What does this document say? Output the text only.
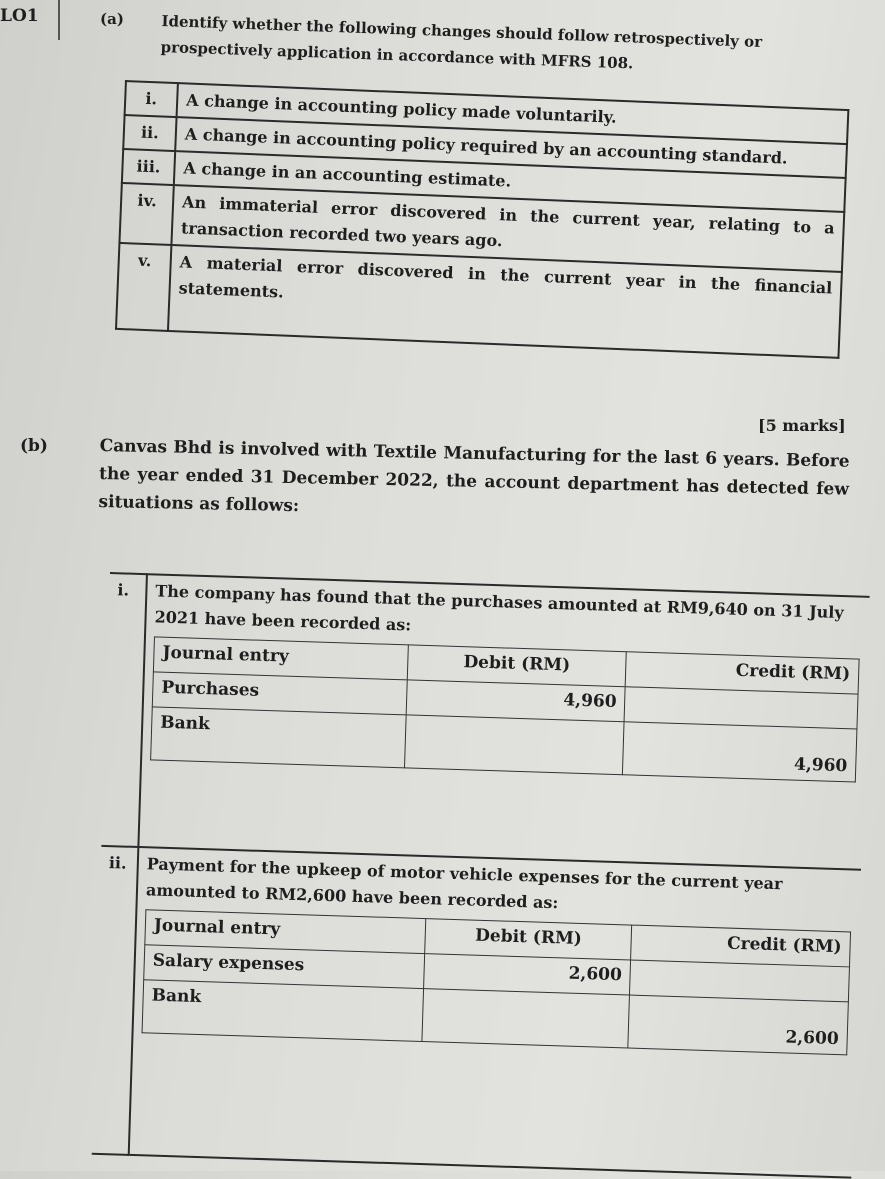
LO1	(a) Identify whether the following changes should follow retrospectively or prospectively application in accordance with MFRS 108.
i.	A change in accounting policy made voluntarily.
ii.	A change in accounting policy required by an accounting standard.
iii.	A change in an accounting estimate.
iv.	An immaterial error discovered in the current year, relating to a transaction recorded two years ago.
v.	A material error discovered in the current year in the financial statements.
[5 marks]
(b)	Canvas Bhd is involved with Textile Manufacturing for the last 6 years. Before the year ended 31 December 2022, the account department has detected few situations as follows:
i.	The company has found that the purchases amounted at RM9,640 on 31 July 2021 have been recorded as:
Journal entry	Debit (RM)	Credit (RM)
Purchases	4,960	
Bank		4,960

ii.	Payment for the upkeep of motor vehicle expenses for the current year amounted to RM2,600 have been recorded as:
Journal entry	Debit (RM)	Credit (RM)
Salary expenses	2,600	
Bank		2,600
